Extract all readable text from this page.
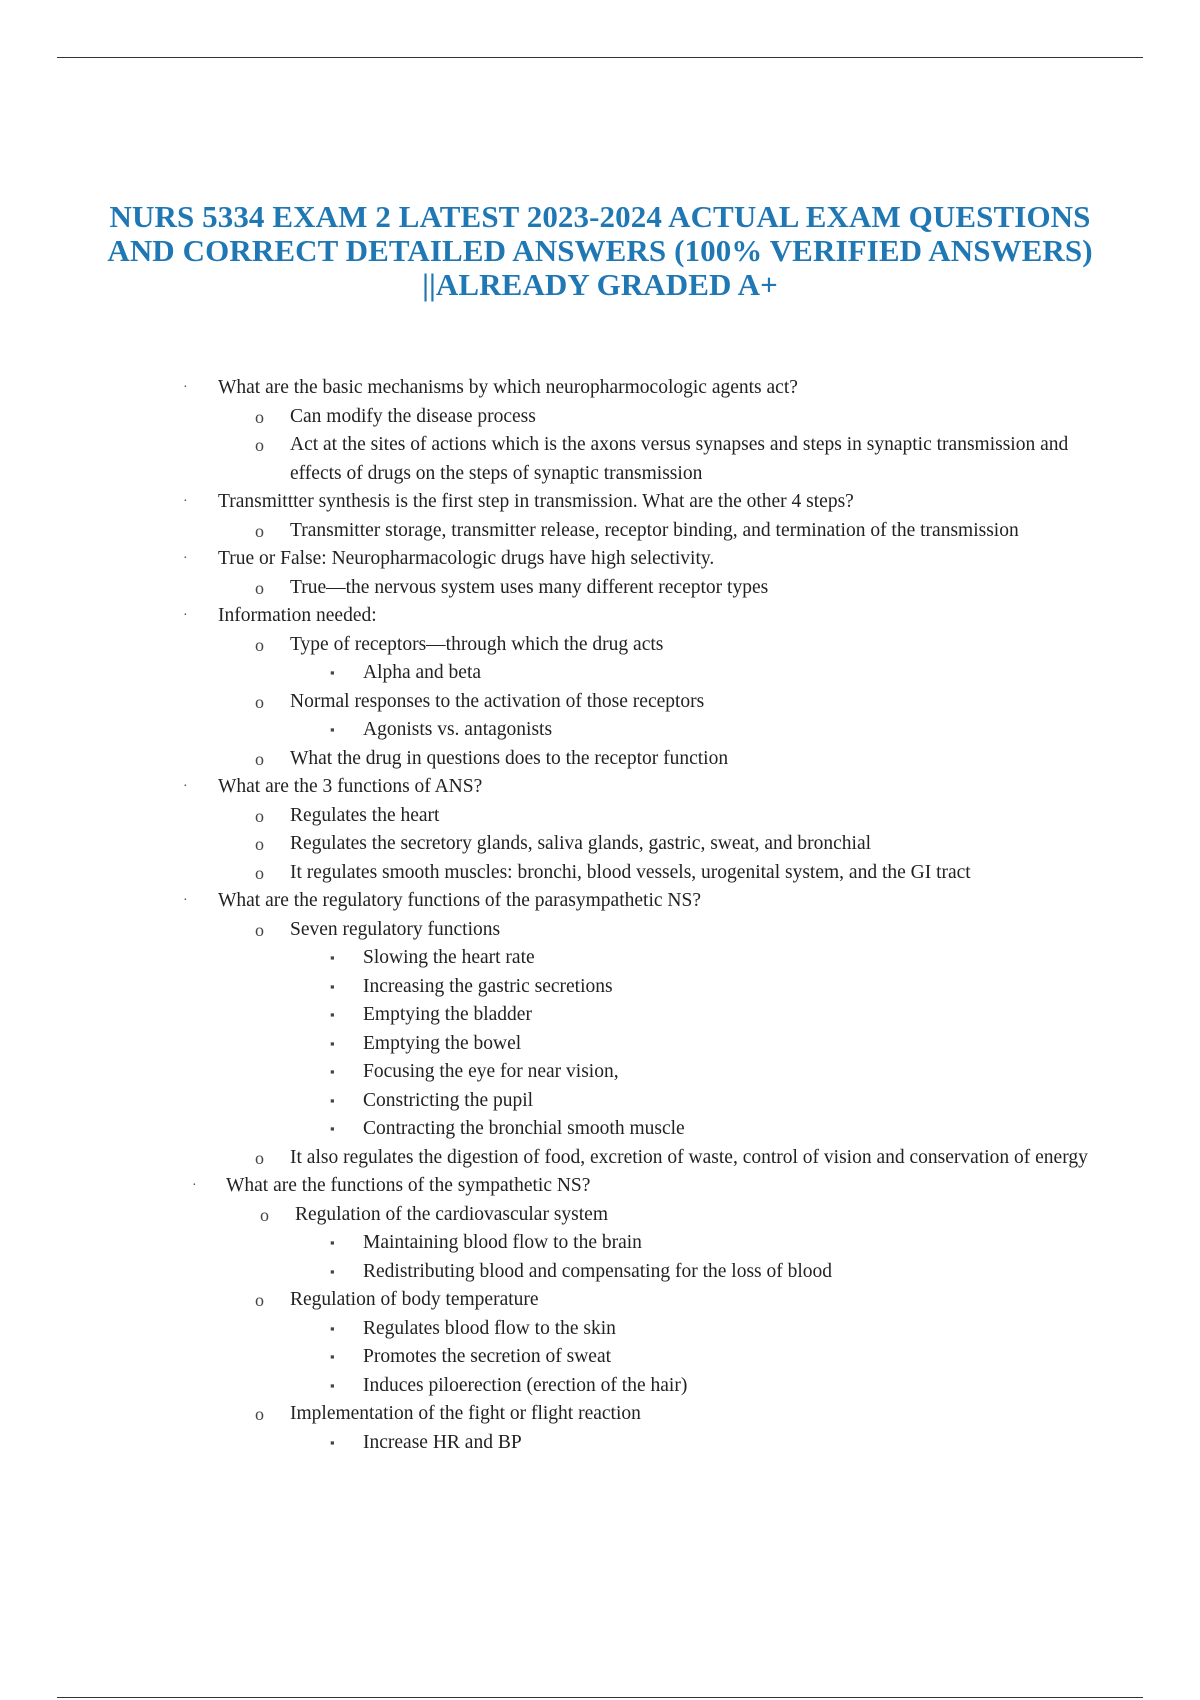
NURS 5334 EXAM 2 LATEST 2023-2024 ACTUAL EXAM QUESTIONS AND CORRECT DETAILED ANSWERS (100% VERIFIED ANSWERS) ||ALREADY GRADED A+
· What are the basic mechanisms by which neuropharmocologic agents act?
o Can modify the disease process
o Act at the sites of actions which is the axons versus synapses and steps in synaptic transmission and effects of drugs on the steps of synaptic transmission
· Transmittter synthesis is the first step in transmission. What are the other 4 steps?
o Transmitter storage, transmitter release, receptor binding, and termination of the transmission
· True or False: Neuropharmacologic drugs have high selectivity.
o True—the nervous system uses many different receptor types
· Information needed:
o Type of receptors—through which the drug acts
▪ Alpha and beta
o Normal responses to the activation of those receptors
▪ Agonists vs. antagonists
o What the drug in questions does to the receptor function
· What are the 3 functions of ANS?
o Regulates the heart
o Regulates the secretory glands, saliva glands, gastric, sweat, and bronchial
o It regulates smooth muscles: bronchi, blood vessels, urogenital system, and the GI tract
· What are the regulatory functions of the parasympathetic NS?
o Seven regulatory functions
▪ Slowing the heart rate
▪ Increasing the gastric secretions
▪ Emptying the bladder
▪ Emptying the bowel
▪ Focusing the eye for near vision,
▪ Constricting the pupil
▪ Contracting the bronchial smooth muscle
o It also regulates the digestion of food, excretion of waste, control of vision and conservation of energy
· What are the functions of the sympathetic NS?
o Regulation of the cardiovascular system
▪ Maintaining blood flow to the brain
▪ Redistributing blood and compensating for the loss of blood
o Regulation of body temperature
▪ Regulates blood flow to the skin
▪ Promotes the secretion of sweat
▪ Induces piloerection (erection of the hair)
o Implementation of the fight or flight reaction
▪ Increase HR and BP
